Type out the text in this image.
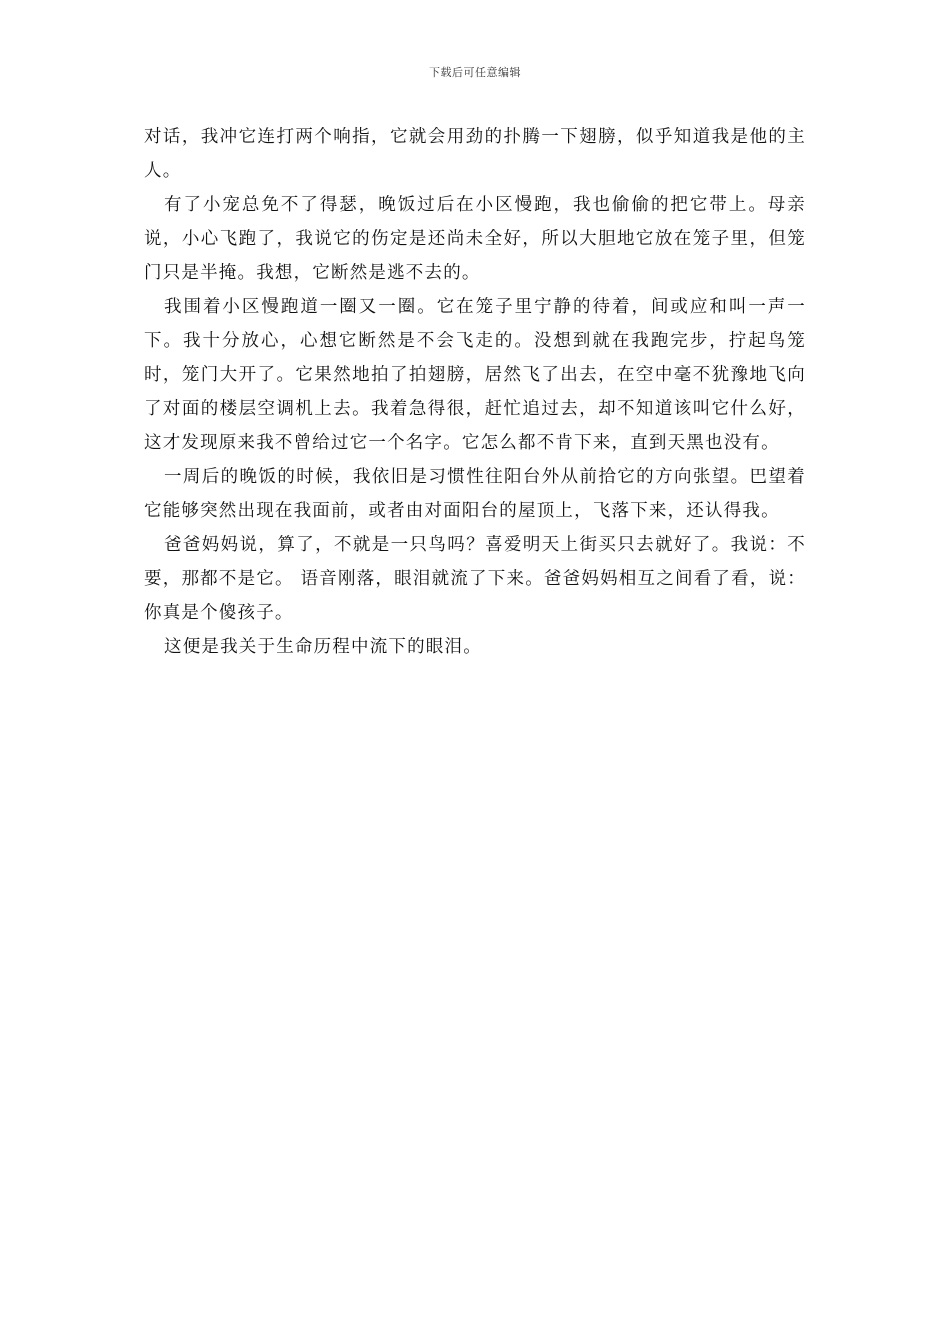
下载后可任意编辑

对话，我冲它连打两个响指，它就会用劲的扑腾一下翅膀，似乎知道我是他的主人。

有了小宠总免不了得瑟，晚饭过后在小区慢跑，我也偷偷的把它带上。母亲说，小心飞跑了，我说它的伤定是还尚未全好，所以大胆地它放在笼子里，但笼门只是半掩。我想，它断然是逃不去的。

我围着小区慢跑道一圈又一圈。它在笼子里宁静的待着，间或应和叫一声一下。我十分放心，心想它断然是不会飞走的。没想到就在我跑完步，拧起鸟笼时，笼门大开了。它果然地拍了拍翅膀，居然飞了出去，在空中毫不犹豫地飞向了对面的楼层空调机上去。我着急得很，赶忙追过去，却不知道该叫它什么好，这才发现原来我不曾给过它一个名字。它怎么都不肯下来，直到天黑也没有。

一周后的晚饭的时候，我依旧是习惯性往阳台外从前拾它的方向张望。巴望着它能够突然出现在我面前，或者由对面阳台的屋顶上，飞落下来，还认得我。

爸爸妈妈说，算了，不就是一只鸟吗？喜爱明天上街买只去就好了。我说：不要，那都不是它。 语音刚落，眼泪就流了下来。爸爸妈妈相互之间看了看，说： 你真是个傻孩子。

这便是我关于生命历程中流下的眼泪。
